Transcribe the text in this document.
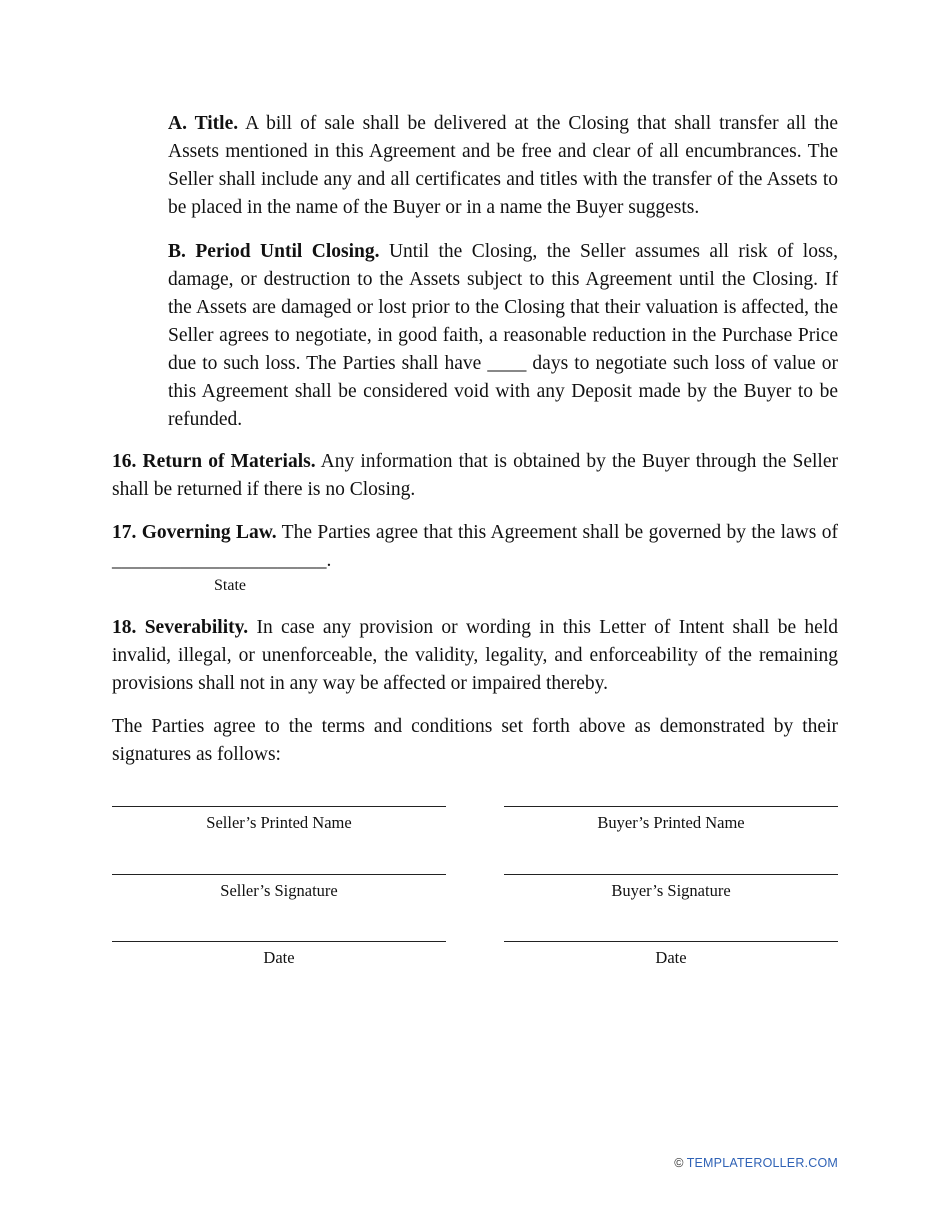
A. Title. A bill of sale shall be delivered at the Closing that shall transfer all the Assets mentioned in this Agreement and be free and clear of all encumbrances. The Seller shall include any and all certificates and titles with the transfer of the Assets to be placed in the name of the Buyer or in a name the Buyer suggests.

B. Period Until Closing. Until the Closing, the Seller assumes all risk of loss, damage, or destruction to the Assets subject to this Agreement until the Closing. If the Assets are damaged or lost prior to the Closing that their valuation is affected, the Seller agrees to negotiate, in good faith, a reasonable reduction in the Purchase Price due to such loss. The Parties shall have ____ days to negotiate such loss of value or this Agreement shall be considered void with any Deposit made by the Buyer to be refunded.

16. Return of Materials. Any information that is obtained by the Buyer through the Seller shall be returned if there is no Closing.

17. Governing Law. The Parties agree that this Agreement shall be governed by the laws of ______________________.

State

18. Severability. In case any provision or wording in this Letter of Intent shall be held invalid, illegal, or unenforceable, the validity, legality, and enforceability of the remaining provisions shall not in any way be affected or impaired thereby.

The Parties agree to the terms and conditions set forth above as demonstrated by their signatures as follows:

Seller’s Printed Name	Buyer’s Printed Name
Seller’s Signature	Buyer’s Signature
Date	Date
© TEMPLATEROLLER.COM
